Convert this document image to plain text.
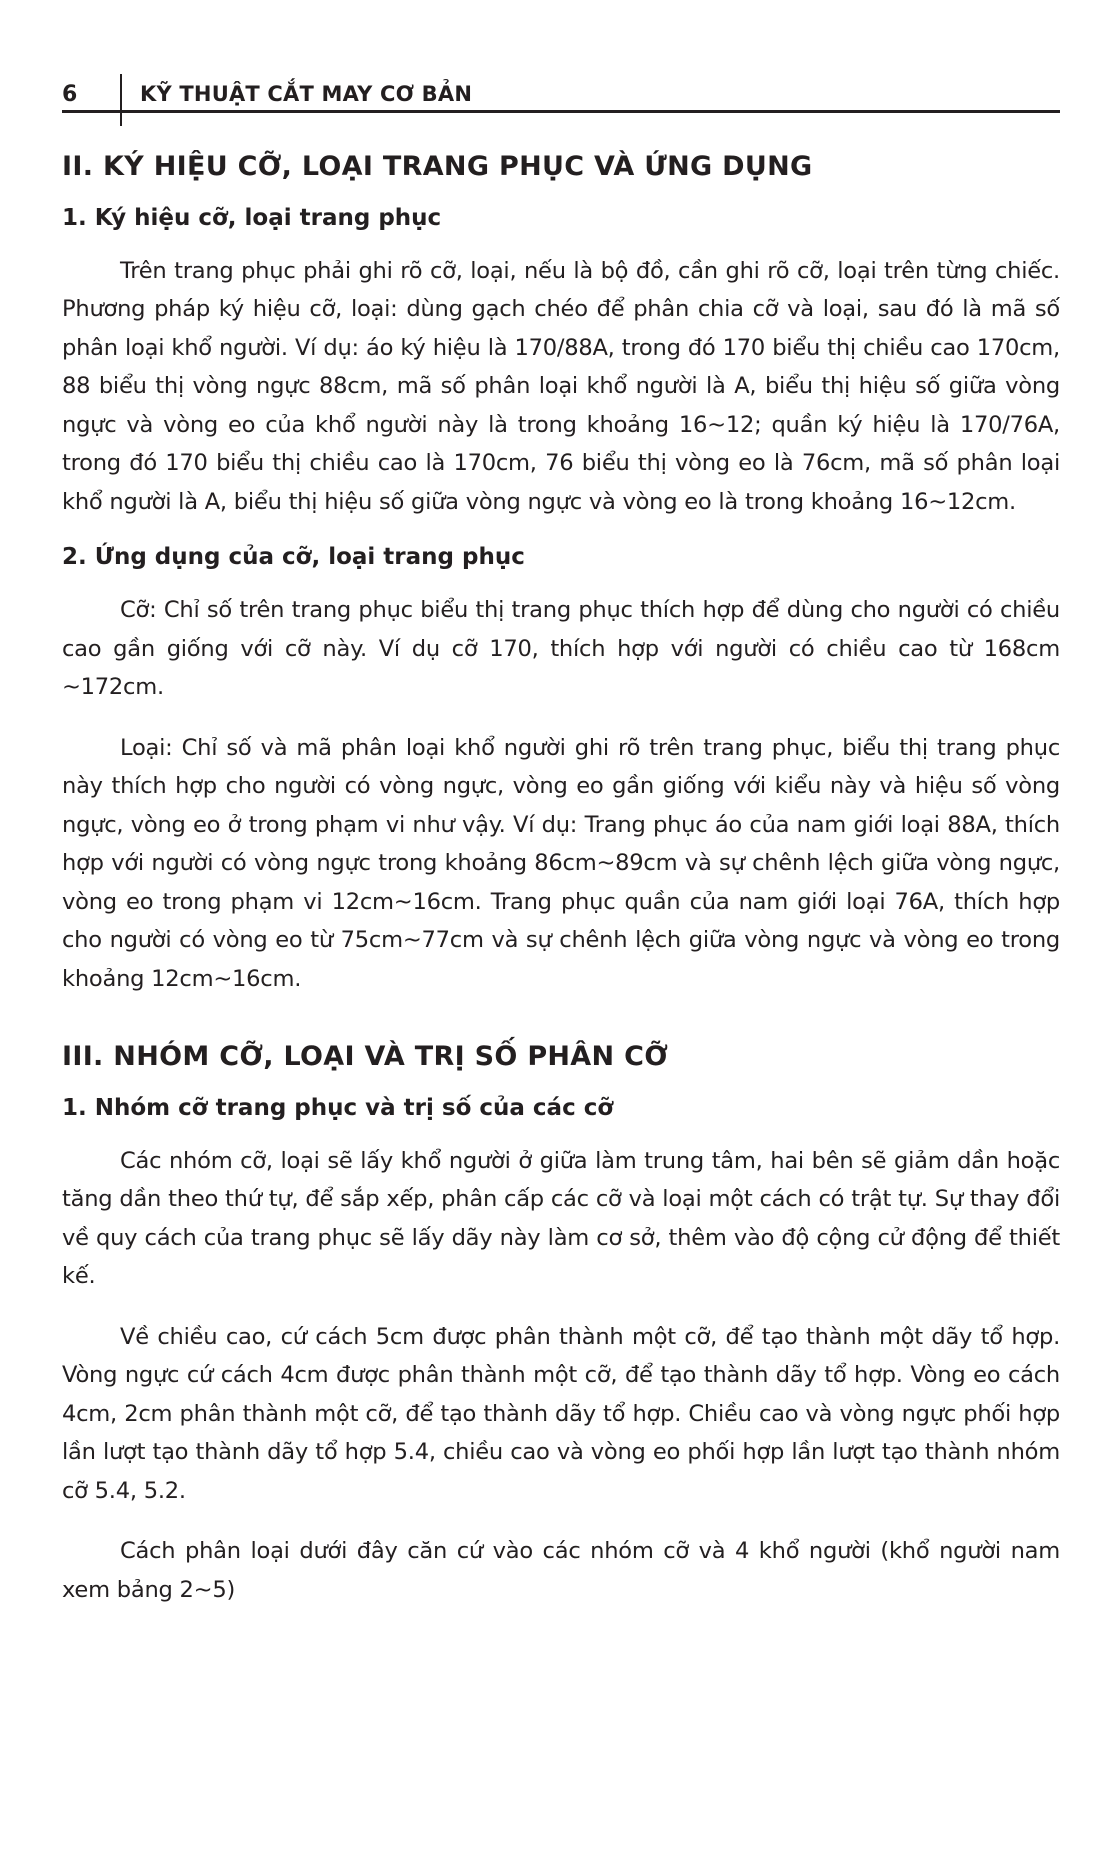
6	KỸ THUẬT CẮT MAY CƠ BẢN
II. KÝ HIỆU CỠ, LOẠI TRANG PHỤC VÀ ỨNG DỤNG
1. Ký hiệu cỡ, loại trang phục

Trên trang phục phải ghi rõ cỡ, loại, nếu là bộ đồ, cần ghi rõ cỡ, loại trên từng chiếc. Phương pháp ký hiệu cỡ, loại: dùng gạch chéo để phân chia cỡ và loại, sau đó là mã số phân loại khổ người. Ví dụ: áo ký hiệu là 170/88A, trong đó 170 biểu thị chiều cao 170cm, 88 biểu thị vòng ngực 88cm, mã số phân loại khổ người là A, biểu thị hiệu số giữa vòng ngực và vòng eo của khổ người này là trong khoảng 16~12; quần ký hiệu là 170/76A, trong đó 170 biểu thị chiều cao là 170cm, 76 biểu thị vòng eo là 76cm, mã số phân loại khổ người là A, biểu thị hiệu số giữa vòng ngực và vòng eo là trong khoảng 16~12cm.

2. Ứng dụng của cỡ, loại trang phục

Cỡ: Chỉ số trên trang phục biểu thị trang phục thích hợp để dùng cho người có chiều cao gần giống với cỡ này. Ví dụ cỡ 170, thích hợp với người có chiều cao từ 168cm ~172cm.

Loại: Chỉ số và mã phân loại khổ người ghi rõ trên trang phục, biểu thị trang phục này thích hợp cho người có vòng ngực, vòng eo gần giống với kiểu này và hiệu số vòng ngực, vòng eo ở trong phạm vi như vậy. Ví dụ: Trang phục áo của nam giới loại 88A, thích hợp với người có vòng ngực trong khoảng 86cm~89cm và sự chênh lệch giữa vòng ngực, vòng eo trong phạm vi 12cm~16cm. Trang phục quần của nam giới loại 76A, thích hợp cho người có vòng eo từ 75cm~77cm và sự chênh lệch giữa vòng ngực và vòng eo trong khoảng 12cm~16cm.

III. NHÓM CỠ, LOẠI VÀ TRỊ SỐ PHÂN CỠ
1. Nhóm cỡ trang phục và trị số của các cỡ

Các nhóm cỡ, loại sẽ lấy khổ người ở giữa làm trung tâm, hai bên sẽ giảm dần hoặc tăng dần theo thứ tự, để sắp xếp, phân cấp các cỡ và loại một cách có trật tự. Sự thay đổi về quy cách của trang phục sẽ lấy dãy này làm cơ sở, thêm vào độ cộng cử động để thiết kế.

Về chiều cao, cứ cách 5cm được phân thành một cỡ, để tạo thành một dãy tổ hợp. Vòng ngực cứ cách 4cm được phân thành một cỡ, để tạo thành dãy tổ hợp. Vòng eo cách 4cm, 2cm phân thành một cỡ, để tạo thành dãy tổ hợp. Chiều cao và vòng ngực phối hợp lần lượt tạo thành dãy tổ hợp 5.4, chiều cao và vòng eo phối hợp lần lượt tạo thành nhóm cỡ 5.4, 5.2.

Cách phân loại dưới đây căn cứ vào các nhóm cỡ và 4 khổ người (khổ người nam xem bảng 2~5)
